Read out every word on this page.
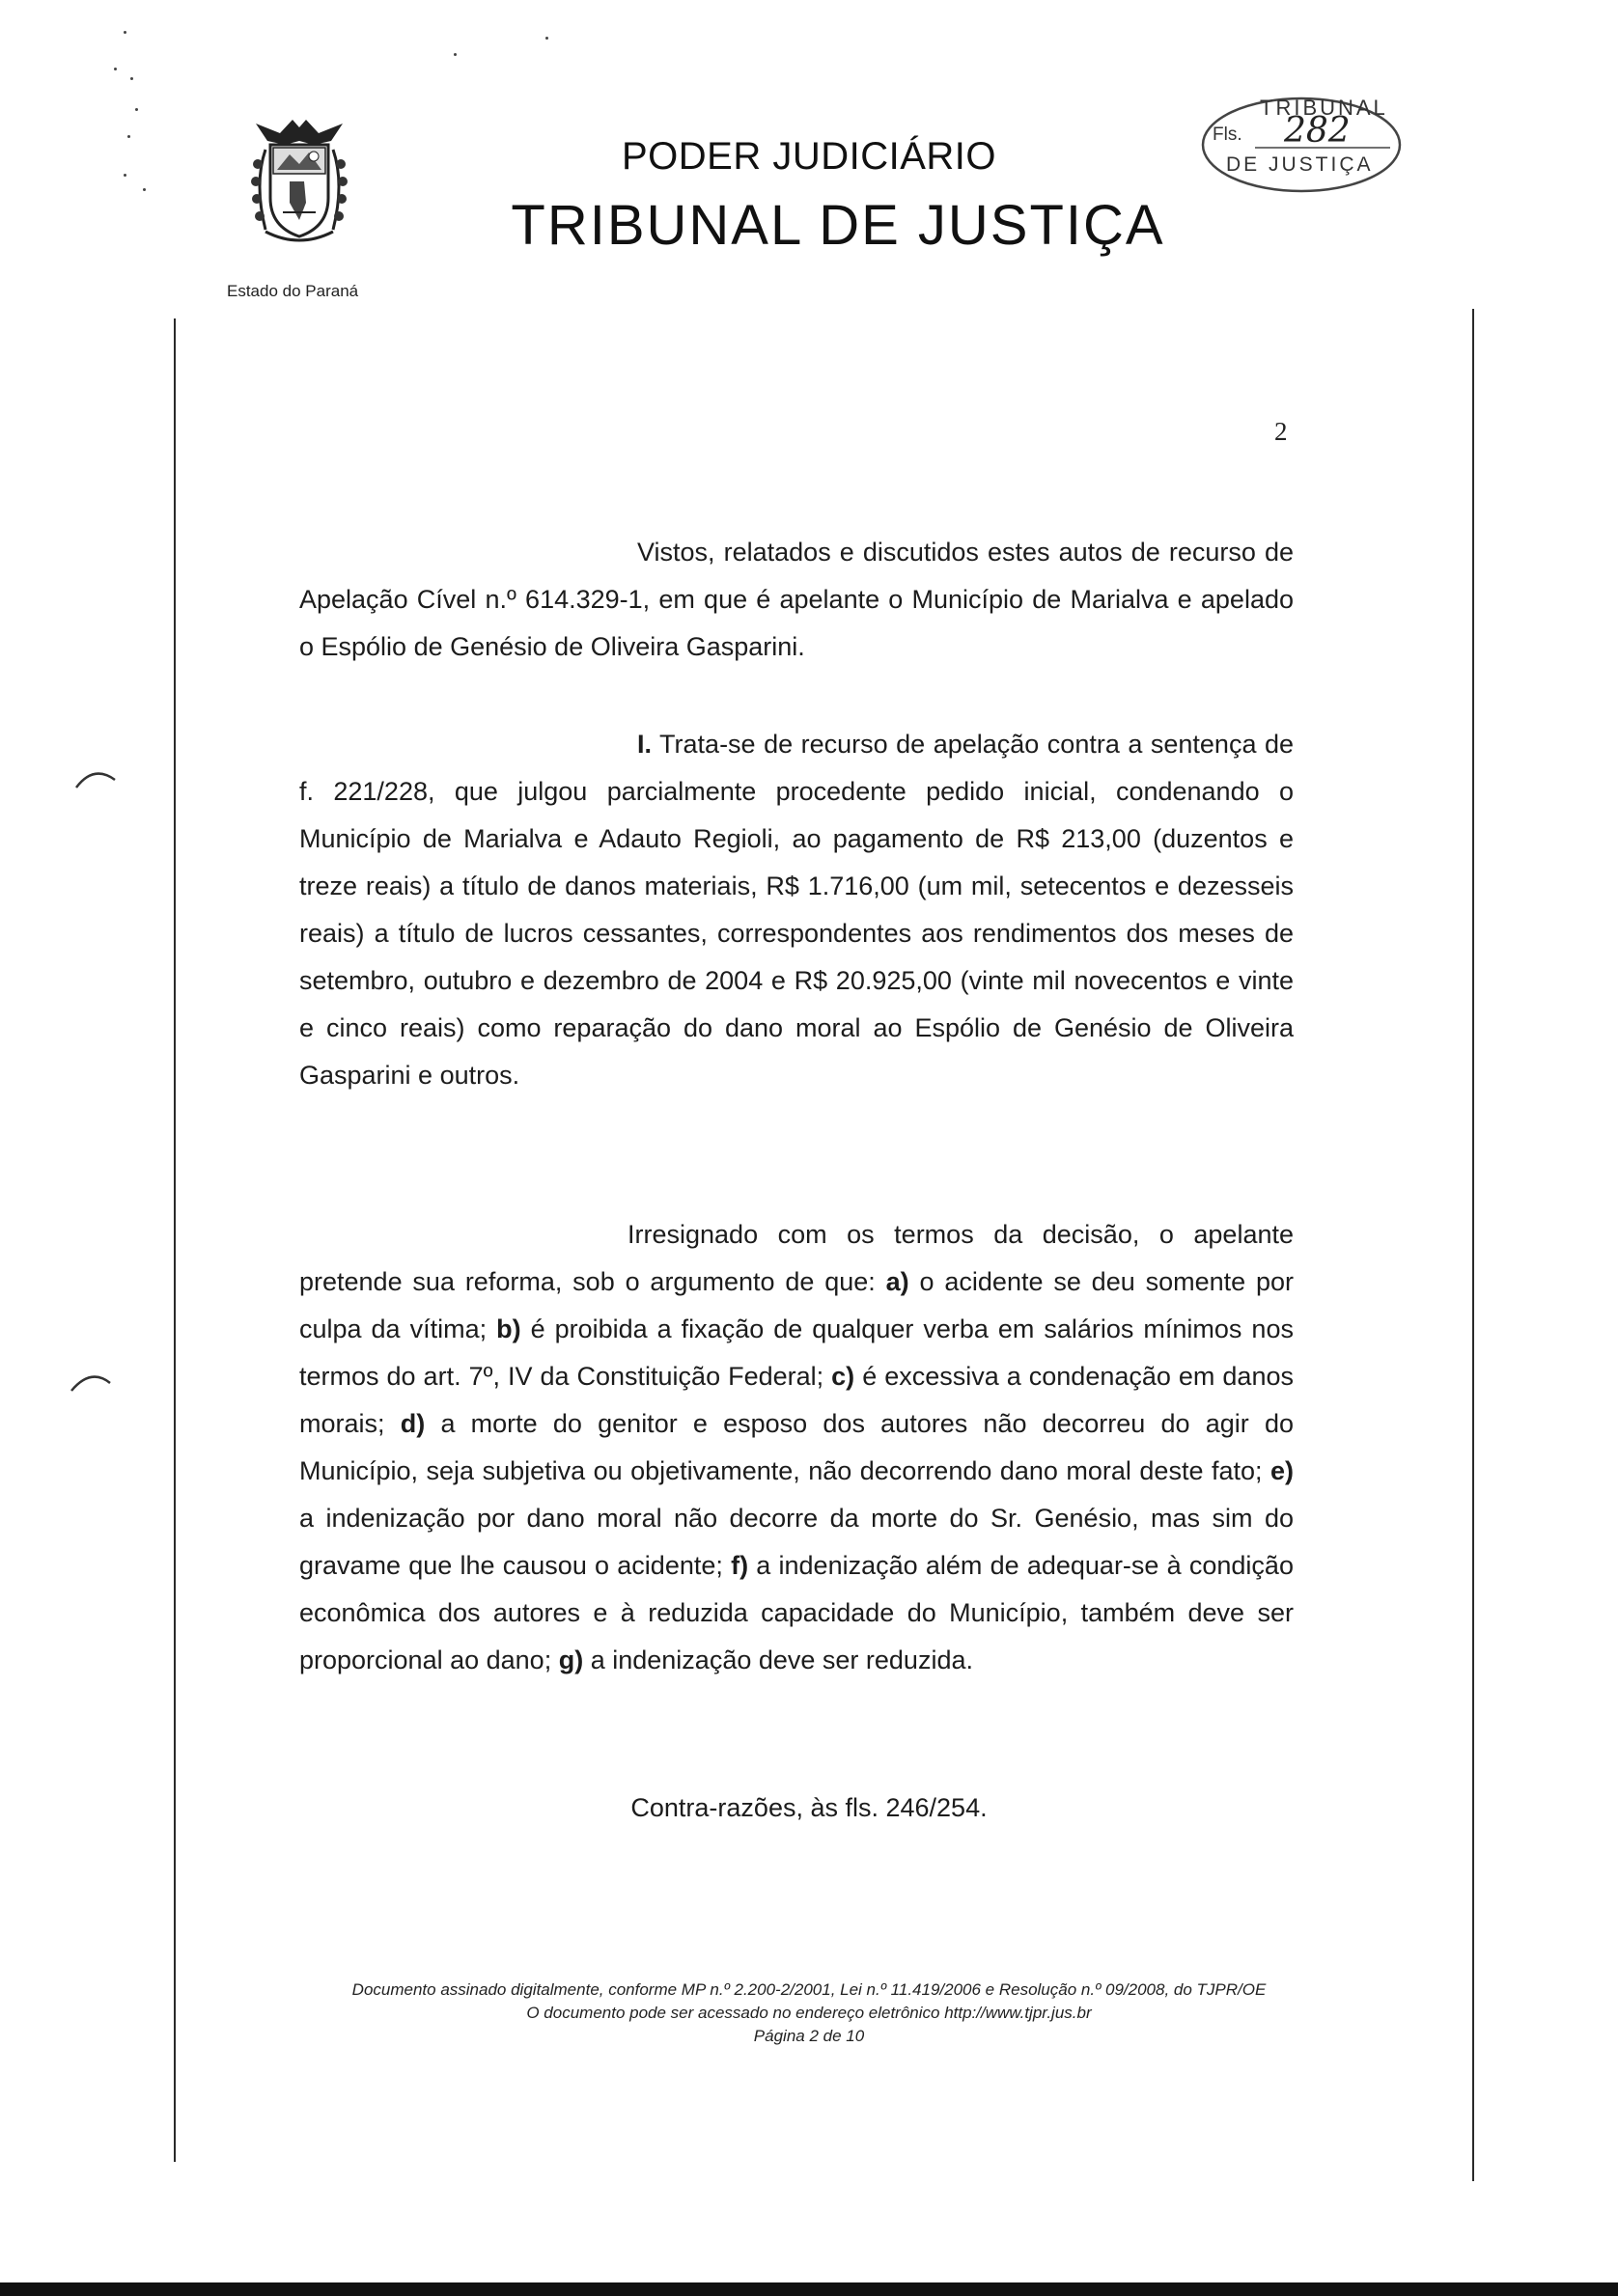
Estado do Paraná
PODER JUDICIÁRIO
TRIBUNAL DE JUSTIÇA
TRIBUNAL
Fls. 282
DE JUSTIÇA
2

Vistos, relatados e discutidos estes autos de recurso de Apelação Cível n.º 614.329-1, em que é apelante o Município de Marialva e apelado o Espólio de Genésio de Oliveira Gasparini.

I. Trata-se de recurso de apelação contra a sentença de f. 221/228, que julgou parcialmente procedente pedido inicial, condenando o Município de Marialva e Adauto Regioli, ao pagamento de R$ 213,00 (duzentos e treze reais) a título de danos materiais, R$ 1.716,00 (um mil, setecentos e dezesseis reais) a título de lucros cessantes, correspondentes aos rendimentos dos meses de setembro, outubro e dezembro de 2004 e R$ 20.925,00 (vinte mil novecentos e vinte e cinco reais) como reparação do dano moral ao Espólio de Genésio de Oliveira Gasparini e outros.

Irresignado com os termos da decisão, o apelante pretende sua reforma, sob o argumento de que: a) o acidente se deu somente por culpa da vítima; b) é proibida a fixação de qualquer verba em salários mínimos nos termos do art. 7º, IV da Constituição Federal; c) é excessiva a condenação em danos morais; d) a morte do genitor e esposo dos autores não decorreu do agir do Município, seja subjetiva ou objetivamente, não decorrendo dano moral deste fato; e) a indenização por dano moral não decorre da morte do Sr. Genésio, mas sim do gravame que lhe causou o acidente; f) a indenização além de adequar-se à condição econômica dos autores e à reduzida capacidade do Município, também deve ser proporcional ao dano; g) a indenização deve ser reduzida.

Contra-razões, às fls. 246/254.
Documento assinado digitalmente, conforme MP n.º 2.200-2/2001, Lei n.º 11.419/2006 e Resolução n.º 09/2008, do TJPR/OE
O documento pode ser acessado no endereço eletrônico http://www.tjpr.jus.br
Página 2 de 10
